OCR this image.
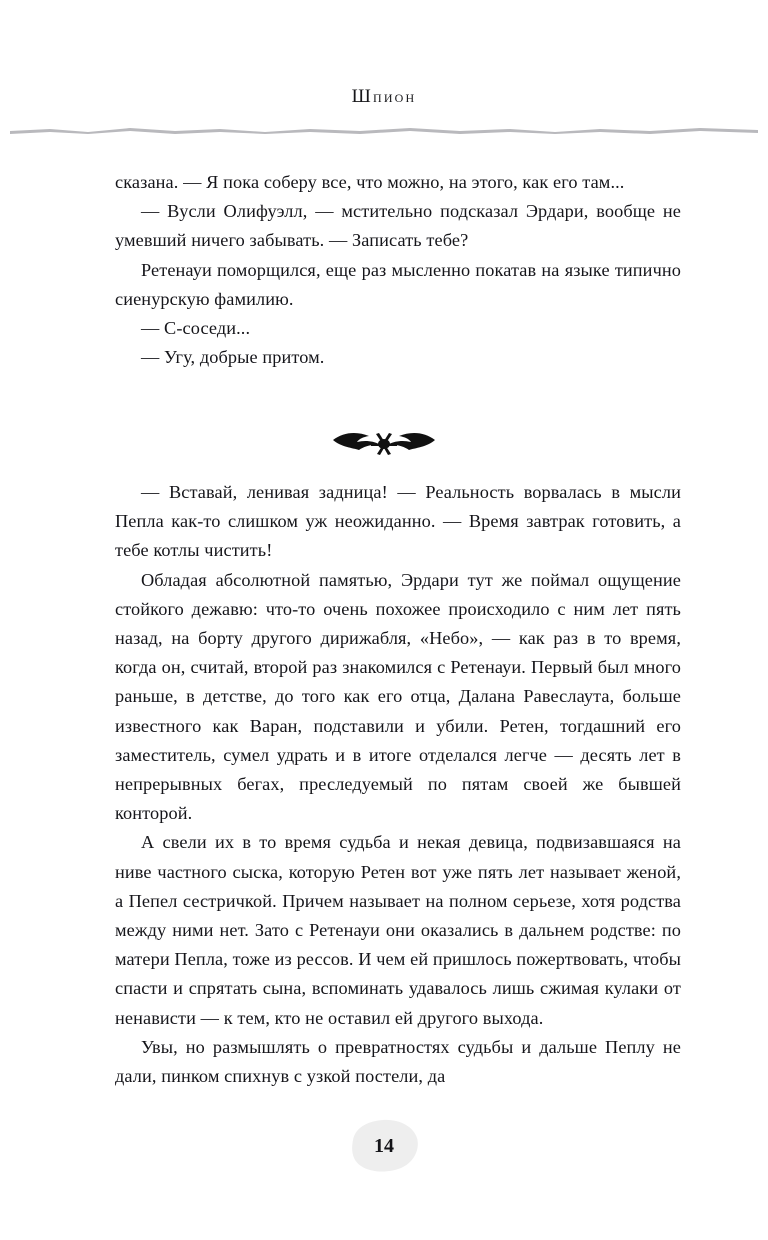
Шпион

сказана. — Я пока соберу все, что можно, на этого, как его там...

— Вусли Олифуэлл, — мстительно подсказал Эрдари, вообще не умевший ничего забывать. — Записать тебе?

Ретенауи поморщился, еще раз мысленно покатав на языке типично сиенурскую фамилию.

— С-соседи...

— Угу, добрые притом.

— Вставай, ленивая задница! — Реальность ворвалась в мысли Пепла как-то слишком уж неожиданно. — Время завтрак готовить, а тебе котлы чистить!

Обладая абсолютной памятью, Эрдари тут же поймал ощущение стойкого дежавю: что-то очень похожее происходило с ним лет пять назад, на борту другого дирижабля, «Небо», — как раз в то время, когда он, считай, второй раз знакомился с Ретенауи. Первый был много раньше, в детстве, до того как его отца, Далана Равеслаута, больше известного как Варан, подставили и убили. Ретен, тогдашний его заместитель, сумел удрать и в итоге отделался легче — десять лет в непрерывных бегах, преследуемый по пятам своей же бывшей конторой.

А свели их в то время судьба и некая девица, подвизавшаяся на ниве частного сыска, которую Ретен вот уже пять лет называет женой, а Пепел сестричкой. Причем называет на полном серьезе, хотя родства между ними нет. Зато с Ретенауи они оказались в дальнем родстве: по матери Пепла, тоже из рессов. И чем ей пришлось пожертвовать, чтобы спасти и спрятать сына, вспоминать удавалось лишь сжимая кулаки от ненависти — к тем, кто не оставил ей другого выхода.

Увы, но размышлять о превратностях судьбы и дальше Пеплу не дали, пинком спихнув с узкой постели, да

14
